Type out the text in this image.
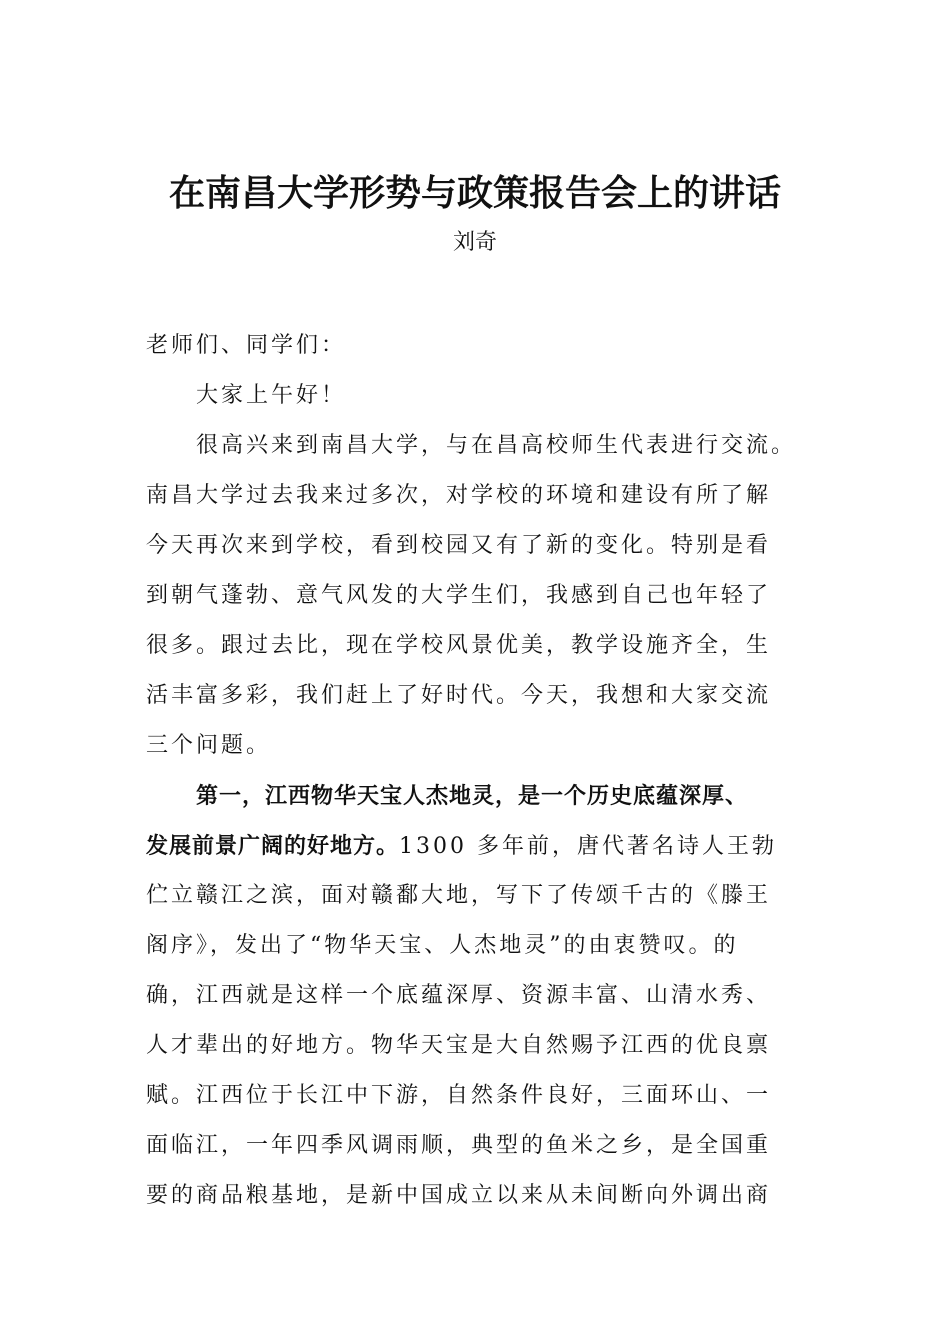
在南昌大学形势与政策报告会上的讲话
刘奇
老师们、同学们：
大家上午好！
很高兴来到南昌大学，与在昌高校师生代表进行交流。
南昌大学过去我来过多次，对学校的环境和建设有所了解
今天再次来到学校，看到校园又有了新的变化。特别是看
到朝气蓬勃、意气风发的大学生们，我感到自己也年轻了
很多。跟过去比，现在学校风景优美，教学设施齐全，生
活丰富多彩，我们赶上了好时代。今天，我想和大家交流
三个问题。
第一，江西物华天宝人杰地灵，是一个历史底蕴深厚、
发展前景广阔的好地方。1300 多年前，唐代著名诗人王勃
伫立赣江之滨，面对赣鄱大地，写下了传颂千古的《滕王
阁序》，发出了“物华天宝、人杰地灵”的由衷赞叹。的
确，江西就是这样一个底蕴深厚、资源丰富、山清水秀、
人才辈出的好地方。物华天宝是大自然赐予江西的优良禀
赋。江西位于长江中下游，自然条件良好，三面环山、一
面临江，一年四季风调雨顺，典型的鱼米之乡，是全国重
要的商品粮基地，是新中国成立以来从未间断向外调出商
